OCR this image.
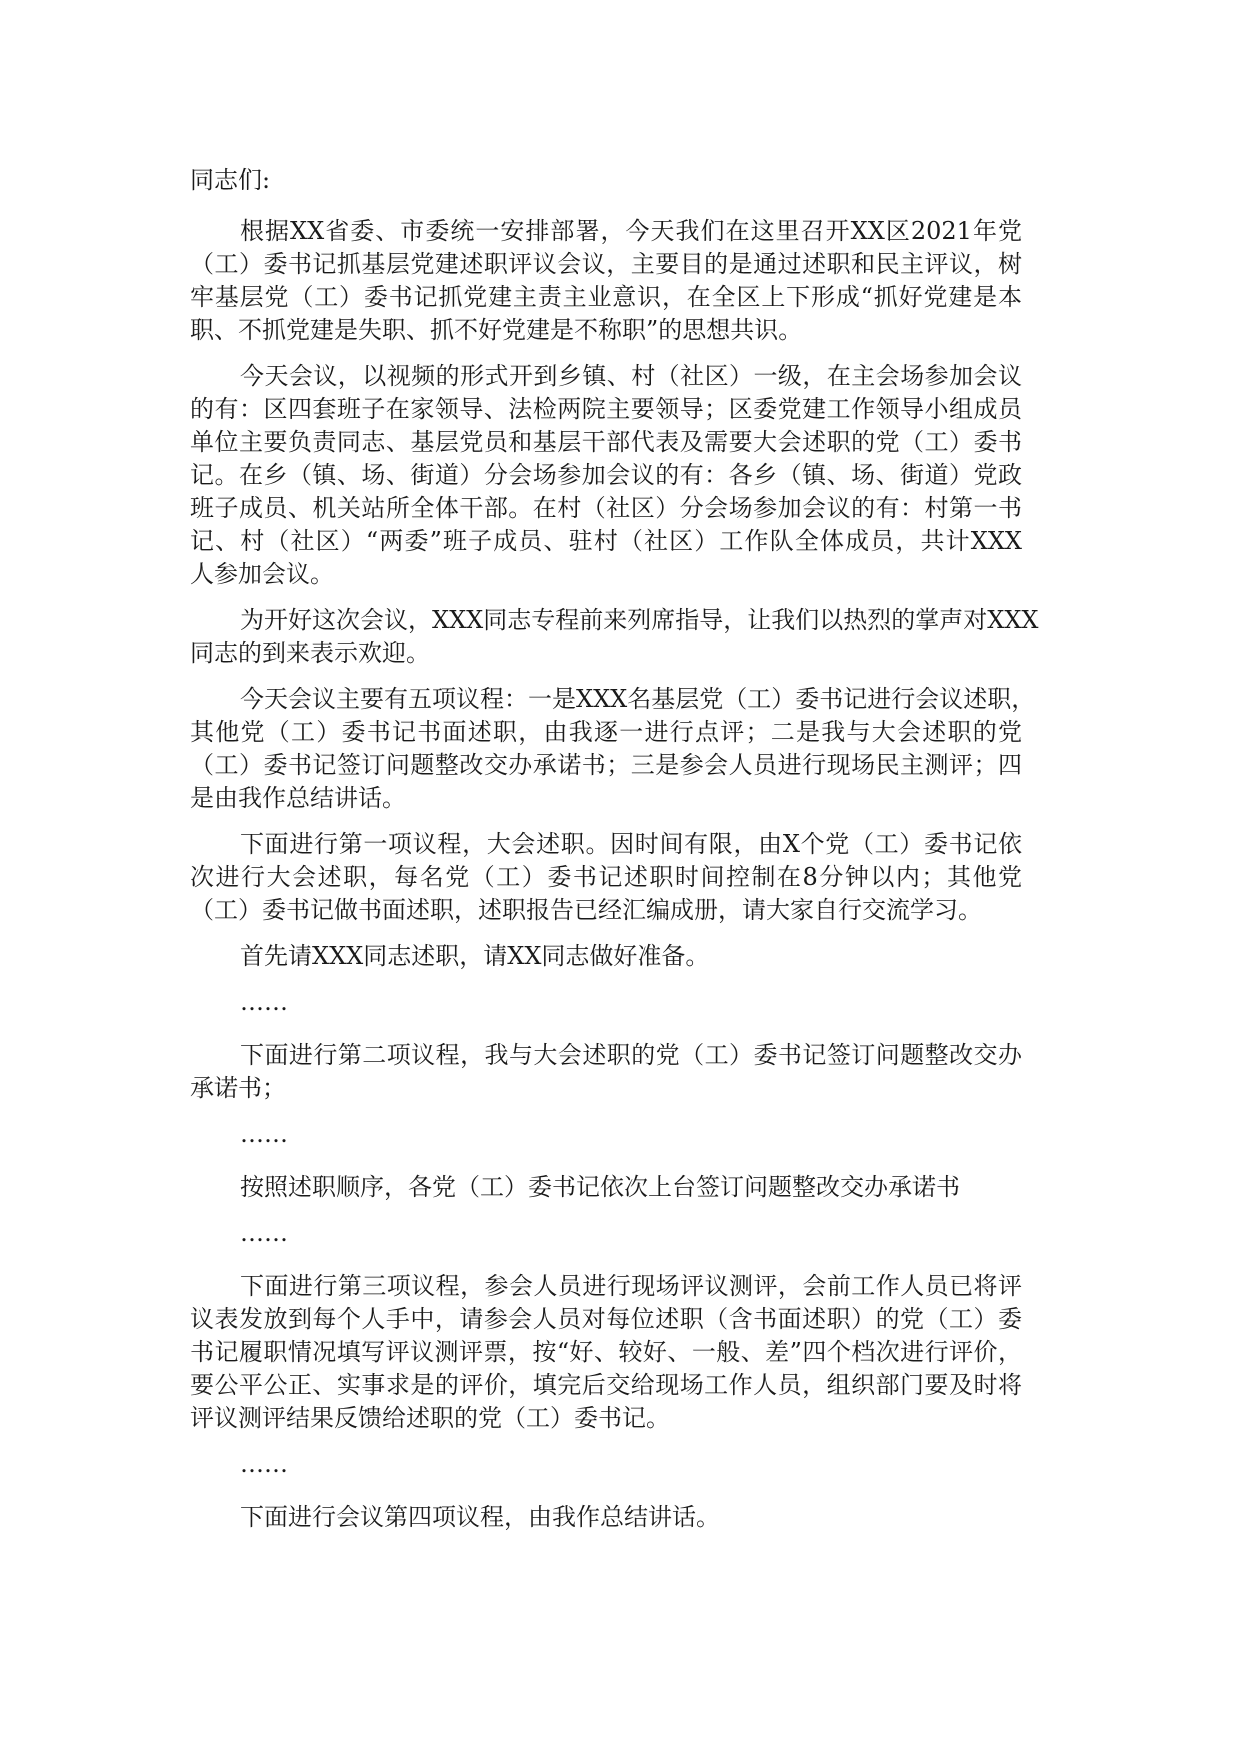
同志们:
根据XX省委、市委统一安排部署，今天我们在这里召开XX区2021年党
（工）委书记抓基层党建述职评议会议，主要目的是通过述职和民主评议，树
牢基层党（工）委书记抓党建主责主业意识，在全区上下形成“抓好党建是本
职、不抓党建是失职、抓不好党建是不称职”的思想共识。
今天会议，以视频的形式开到乡镇、村（社区）一级，在主会场参加会议
的有：区四套班子在家领导、法检两院主要领导；区委党建工作领导小组成员
单位主要负责同志、基层党员和基层干部代表及需要大会述职的党（工）委书
记。在乡（镇、场、街道）分会场参加会议的有：各乡（镇、场、街道）党政
班子成员、机关站所全体干部。在村（社区）分会场参加会议的有：村第一书
记、村（社区）“两委”班子成员、驻村（社区）工作队全体成员，共计XXX
人参加会议。
为开好这次会议，XXX同志专程前来列席指导，让我们以热烈的掌声对XXX
同志的到来表示欢迎。
今天会议主要有五项议程：一是XXX名基层党（工）委书记进行会议述职，
其他党（工）委书记书面述职，由我逐一进行点评；二是我与大会述职的党
（工）委书记签订问题整改交办承诺书；三是参会人员进行现场民主测评；四
是由我作总结讲话。
下面进行第一项议程，大会述职。因时间有限，由X个党（工）委书记依
次进行大会述职，每名党（工）委书记述职时间控制在8分钟以内；其他党
（工）委书记做书面述职，述职报告已经汇编成册，请大家自行交流学习。
首先请XXX同志述职，请XX同志做好准备。
……
下面进行第二项议程，我与大会述职的党（工）委书记签订问题整改交办
承诺书；
……
按照述职顺序，各党（工）委书记依次上台签订问题整改交办承诺书
……
下面进行第三项议程，参会人员进行现场评议测评，会前工作人员已将评
议表发放到每个人手中，请参会人员对每位述职（含书面述职）的党（工）委
书记履职情况填写评议测评票，按“好、较好、一般、差”四个档次进行评价，
要公平公正、实事求是的评价，填完后交给现场工作人员，组织部门要及时将
评议测评结果反馈给述职的党（工）委书记。
……
下面进行会议第四项议程，由我作总结讲话。
